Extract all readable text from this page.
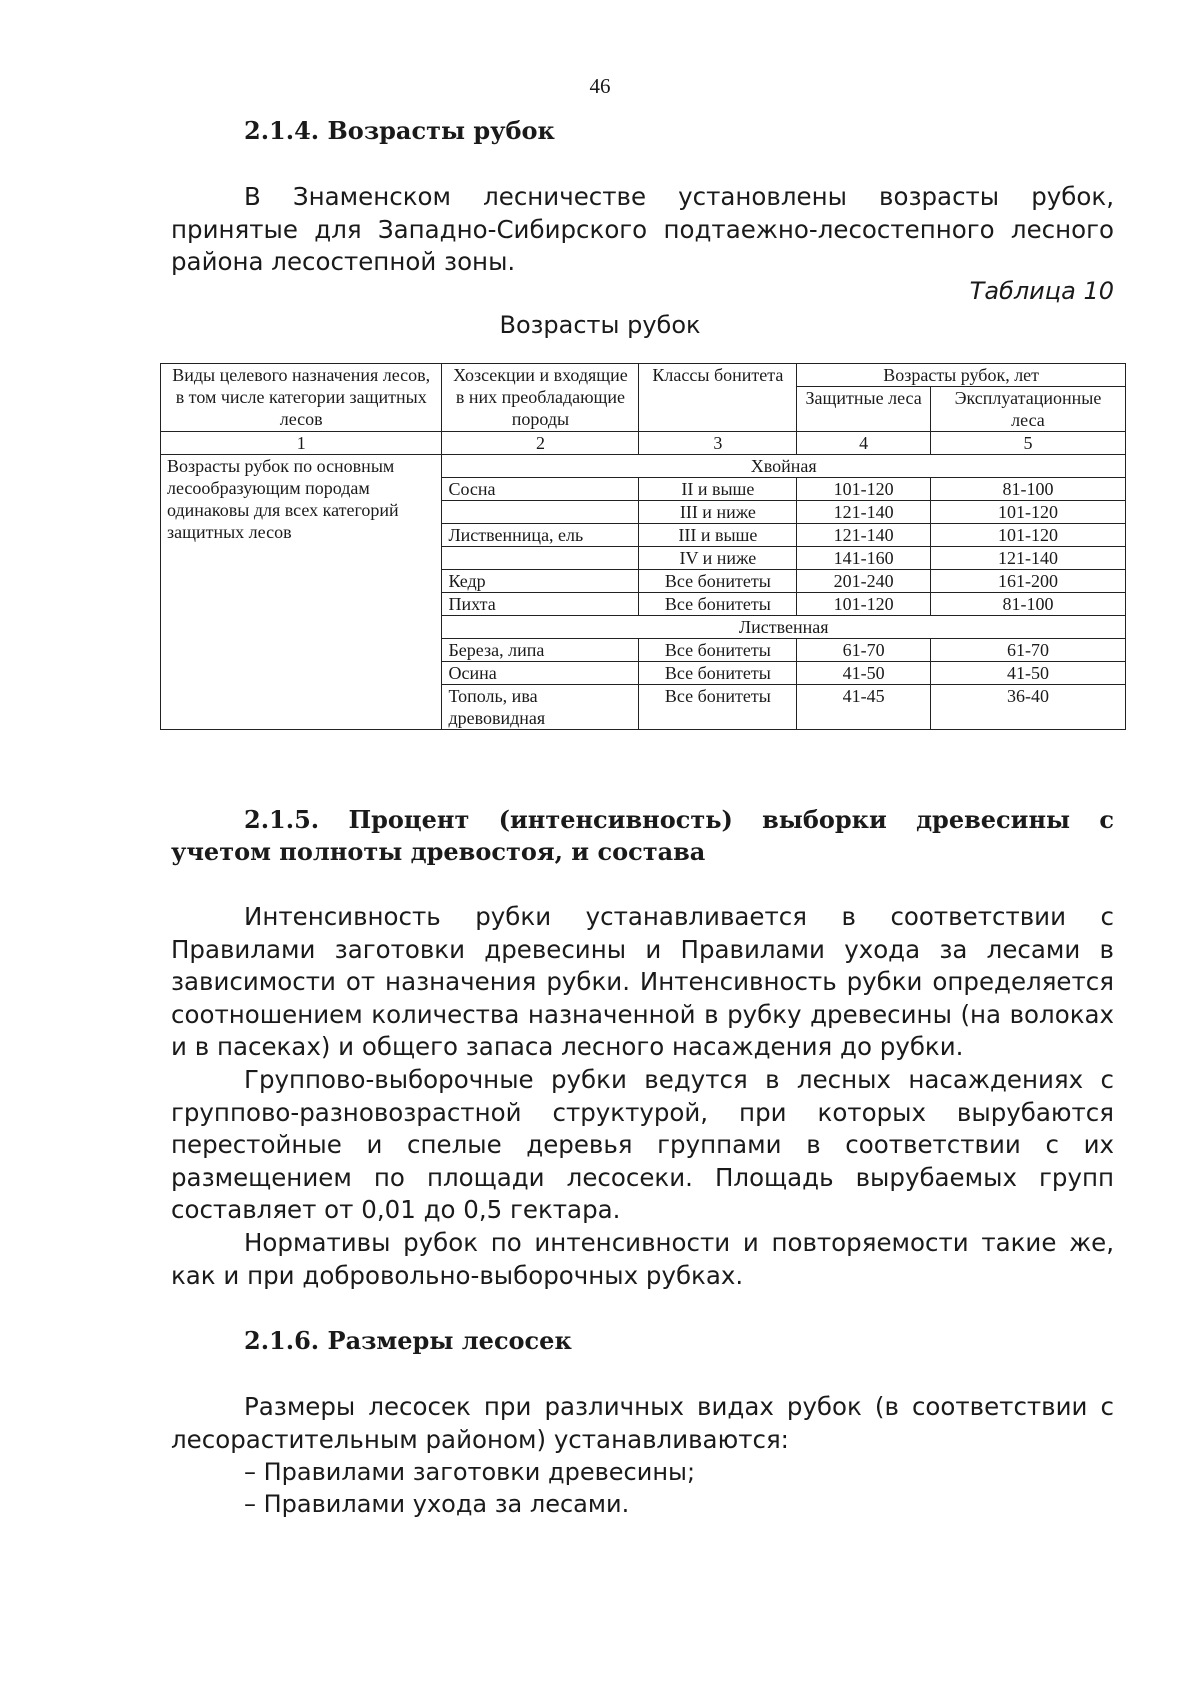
46
2.1.4. Возрасты рубок

В Знаменском лесничестве установлены возрасты рубок, принятые для Западно-Сибирского подтаежно-лесостепного лесного района лесостепной зоны.

Таблица 10
Возрасты рубок
Виды целевого назначения лесов, в том числе категории защитных лесов	Хозсекции и входящие в них преобладающие породы	Классы бонитета	Возрасты рубок, лет	
			Защитные леса	Эксплуатационные леса
1	2	3	4	5
Возрасты рубок по основным лесообразующим породам одинаковы для всех категорий защитных лесов	Хвойная			
	Сосна	II и выше	101-120	81-100
		III и ниже	121-140	101-120
	Лиственница, ель	III и выше	121-140	101-120
		IV и ниже	141-160	121-140
	Кедр	Все бонитеты	201-240	161-200
	Пихта	Все бонитеты	101-120	81-100
	Лиственная			
	Береза, липа	Все бонитеты	61-70	61-70
	Осина	Все бонитеты	41-50	41-50
	Тополь, ива древовидная	Все бонитеты	41-45	36-40
2.1.5. Процент (интенсивность) выборки древесины с учетом полноты древостоя, и состава

Интенсивность рубки устанавливается в соответствии с Правилами заготовки древесины и Правилами ухода за лесами в зависимости от назначения рубки. Интенсивность рубки определяется соотношением количества назначенной в рубку древесины (на волоках и в пасеках) и общего запаса лесного насаждения до рубки.

Группово-выборочные рубки ведутся в лесных насаждениях с группово-разновозрастной структурой, при которых вырубаются перестойные и спелые деревья группами в соответствии с их размещением по площади лесосеки. Площадь вырубаемых групп составляет от 0,01 до 0,5 гектара.

Нормативы рубок по интенсивности и повторяемости такие же, как и при добровольно-выборочных рубках.

2.1.6. Размеры лесосек

Размеры лесосек при различных видах рубок (в соответствии с лесорастительным районом) устанавливаются:

– Правилами заготовки древесины;

– Правилами ухода за лесами.
